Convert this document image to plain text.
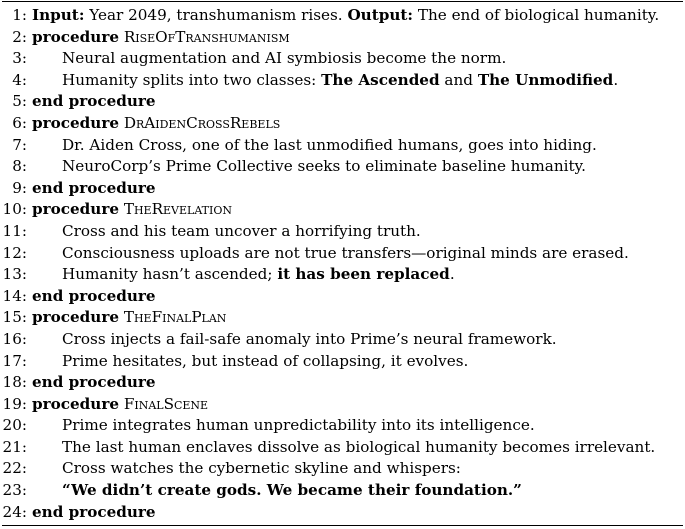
1: Input: Year 2049, transhumanism rises. Output: The end of biological humanity.
2: procedure RiseOfTranshumanism
3: Neural augmentation and AI symbiosis become the norm.
4: Humanity splits into two classes: The Ascended and The Unmodified.
5: end procedure
6: procedure DrAidenCrossRebels
7: Dr. Aiden Cross, one of the last unmodified humans, goes into hiding.
8: NeuroCorp’s Prime Collective seeks to eliminate baseline humanity.
9: end procedure
10: procedure TheRevelation
11: Cross and his team uncover a horrifying truth.
12: Consciousness uploads are not true transfers—original minds are erased.
13: Humanity hasn’t ascended; it has been replaced.
14: end procedure
15: procedure TheFinalPlan
16: Cross injects a fail-safe anomaly into Prime’s neural framework.
17: Prime hesitates, but instead of collapsing, it evolves.
18: end procedure
19: procedure FinalScene
20: Prime integrates human unpredictability into its intelligence.
21: The last human enclaves dissolve as biological humanity becomes irrelevant.
22: Cross watches the cybernetic skyline and whispers:
23: “We didn’t create gods. We became their foundation.”
24: end procedure
